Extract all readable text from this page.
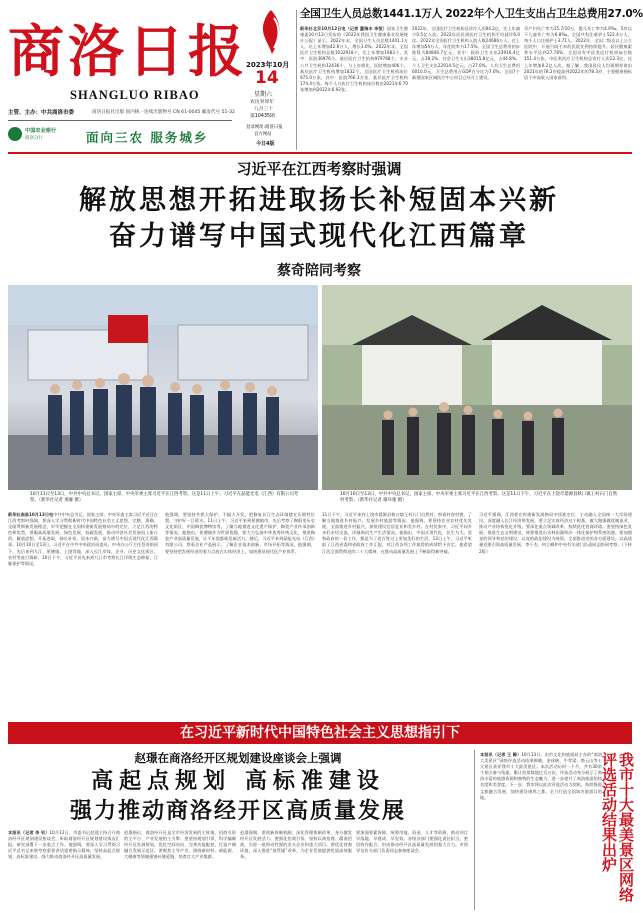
商洛日报
SHANGLUO RIBAO
主管、主办：中共商洛市委	商洛日报社出版 国内统一连续出版物号 CN 61-0045 邮发代号 51-32
中国农业银行
商洛分行	面向三农 服务城乡
2023年10月
14
星期六
农历癸卯年
八月三十
第10435期
登录网址:商洛日报
官方网站
今日4版
全国卫生人员总数1441.1万人 2022年个人卫生支出占卫生总费用27.0%

新华社北京10月12日电（记者 董瑞丰 李恒）国家卫生健康委10月12日发布的《2022年我国卫生健康事业发展统计公报》显示，2022年末，全国卫生人员总数1441.1万人，比上年增加42.6万人，增长3.0%。2022年末，全国医疗卫生机构总数1032918个，比上年增加1983个。其中：医院36976个，基层医疗卫生机构979768个，专业公共卫生机构12436个。与上年相比，医院增加406个，基层医疗卫生机构增加1832个。全国医疗卫生机构床位975.0万张，其中：医院766.3万张，基层医疗卫生机构174.4万张。每千人口医疗卫生机构床位数由2021年6.70张增加到2022年6.92张。

2022年，全国医疗卫生机构总诊疗人次84.2亿，比上年减少0.5亿人次。2022年居民到医疗卫生机构平均就诊6.0次。2022年全国医疗卫生机构入院人数24686万人，比上年增加54万人，年住院率为17.5%。全国卫生总费用初步推算为84846.7亿元，其中：政府卫生支出23916.4亿元，占28.2%；社会卫生支出38015.8亿元，占44.8%；个人卫生支出22914.5亿元，占27.0%。人均卫生总费用6010.0元，卫生总费用占GDP百分比为7.0%。全国7个新建国家区域医疗中心项目已经开工建设。

孕产妇死亡率为15.7/10万，婴儿死亡率为4.9‰，5岁以下儿童死亡率为6.8‰。全国共有注册护士522.4万人，每千人口注册护士3.71人。2022年，全国二级及以上公立医院中，开展日间手术的医院比例持续提升。居民健康素养水平达到27.78%。全国设有中医类医疗机构床位数151.4万张。中医类医疗卫生机构总诊疗人次12.3亿，比上年增加0.2亿人次。据了解，我国居民人均预期寿命由2021年的78.2岁提高到2022年的78.3岁，主要健康指标居于中高收入国家前列。

习近平在江西考察时强调
解放思想开拓进取扬长补短固本兴新
奋力谱写中国式现代化江西篇章
蔡奇陪同考察
10月11日至13日，中共中央总书记、国家主席、中央军委主席习近平在江西考察。这是11日上午，习近平在晶能光电（江西）有限公司考察。（新华社记者 燕雁 摄）
10月10日至13日，中共中央总书记、国家主席、中央军委主席习近平在江西考察。这是11日下午，习近平在上饶市婺源县秋口镇王村石门自然村考察。（新华社记者 谢环驰 摄）

新华社南昌10月13日电中共中央总书记、国家主席、中央军委主席习近平近日在江西考察时强调，要深入学习贯彻新时代中国特色社会主义思想，完整、准确、全面贯彻新发展理念，牢牢把握在全国构建新发展格局中的定位，立足江西的特色和优势，着眼高质量发展、绿色发展、低碳发展，推动经济社会发展再上新台阶，解放思想、开拓进取，扬长补短、固本兴新，奋力谱写中国式现代化江西篇章。10月10日至13日，习近平在中共中央政治局委员、中央办公厅主任蔡奇陪同下，先后来到九江、景德镇、上饶等地，深入长江岸线、企业、历史文化街区、农村等进行调研。10日下午，习近平首先来到九江市考察长江岸线生态修复、江豚保护等情况。

他强调，要坚持共抓大保护、不搞大开发，把修复长江生态环境摆在压倒性位置，守护好一江碧水。11日上午，习近平来到景德镇市，先后考察了陶阳里历史文化街区、中国陶瓷博物馆等，了解当地推进文化遗产保护、陶瓷产业传承创新等情况。他指出，景德镇作为世界瓷都，要大力弘扬中华优秀传统文化，推进陶瓷产业高质量发展，让千年瓷都焕发新活力。随后，习近平来到晶能光电（江西）有限公司，察看企业产品展示，了解企业技术创新、市场开拓等情况。他强调，要坚持把发展经济的着力点放在实体经济上，加快建设现代化产业体系。

11日下午，习近平来到上饶市婺源县秋口镇王村石门自然村，察看村容村貌，了解当地推进乡村振兴、发展乡村旅游等情况。他强调，要坚持农业农村优先发展，全面推进乡村振兴，加快建设宜居宜业和美乡村。在村民家中，习近平同乡亲们亲切交流，详细询问生产生活情况。他指出，中国式现代化，民生为大。党和政府的一切工作，都是为了老百姓过上更加美好的生活。13日上午，习近平听取了江西省委和省政府工作汇报，对江西各项工作取得的成绩给予肯定。他希望江西全面贯彻党的二十大精神，在推动高质量发展上不断取得新突破。

习近平强调，江西要在构建新发展格局中找准定位，主动融入全国统一大市场建设，深度融入长江经济带发展。要立足实体经济这个根基，做大做强做优制造业，推动产业结构优化升级。要深化重点领域改革，持续优化营商环境。要坚持绿色发展，推进生态文明建设，统筹推进山水林田湖草沙一体化保护和系统治理。要加强党的领导和党的建设，以党的政治建设为统领，全面推进党的各方面建设，以高质量党建引领高质量发展。李干杰、何立峰和中央有关部门负责同志陪同考察。（下转2版）

在习近平新时代中国特色社会主义思想指引下
赵璟在商洛经开区规划建设座谈会上强调
高起点规划 高标准建设
强力推动商洛经开区高质量发展

本报讯（记者 李 钊）10月12日，市委书记赵璟主持召开商洛经开区规划建设座谈会，听取商洛经开区规划建设情况汇报，研究部署下一步重点工作。他强调，要深入学习贯彻习近平总书记来陕考察重要讲话重要指示精神，坚持高起点规划、高标准建设，强力推动商洛经开区高质量发展。

赵璟指出，商洛经开区是全市经济发展的主阵地、招商引资的主平台、产业发展的主引擎。要坚持规划引领，科学编制经开区发展规划，优化空间布局，完善功能配套，打造产城融合发展示范区。要聚焦主导产业，围绕新材料、新能源、大健康等领域强链补链延链，培育壮大产业集群。

赵璟强调，要创新体制机制，深化管理体制改革，充分激发经开区发展活力。要强化招商引资，坚持以商招商、精准招商，引进一批带动性强的龙头企业和重大项目。要优化营商环境，深入推进“放管服”改革，为企业发展提供优质高效服务。

要加强要素保障，统筹用地、资金、人才等资源，推动项目早落地、早建成、早见效。各级各部门要强化责任担当，密切协作配合，形成推动经开区高质量发展的强大合力。市领导及有关部门负责同志参加座谈会。

本报讯（记者 王 静）10月13日，由市文化和旅游局主办的“商洛大美景区”网络评选活动结果揭晓，金丝峡、牛背梁、塔云山等十大景区获评我市十大最美景区。本次活动历时一个月，共有30余个景区参与角逐，累计投票数超过百万次。评选活动充分展示了商洛丰富的旅游资源和独特的生态魅力，进一步提升了商洛旅游的知名度和美誉度。下一步，我市将以此次评选活动为契机，持续推进文旅融合发展，加快建设康养之都，全力打造全国知名旅游目的地。	我市十大最美景区网络评选活动结果出炉
